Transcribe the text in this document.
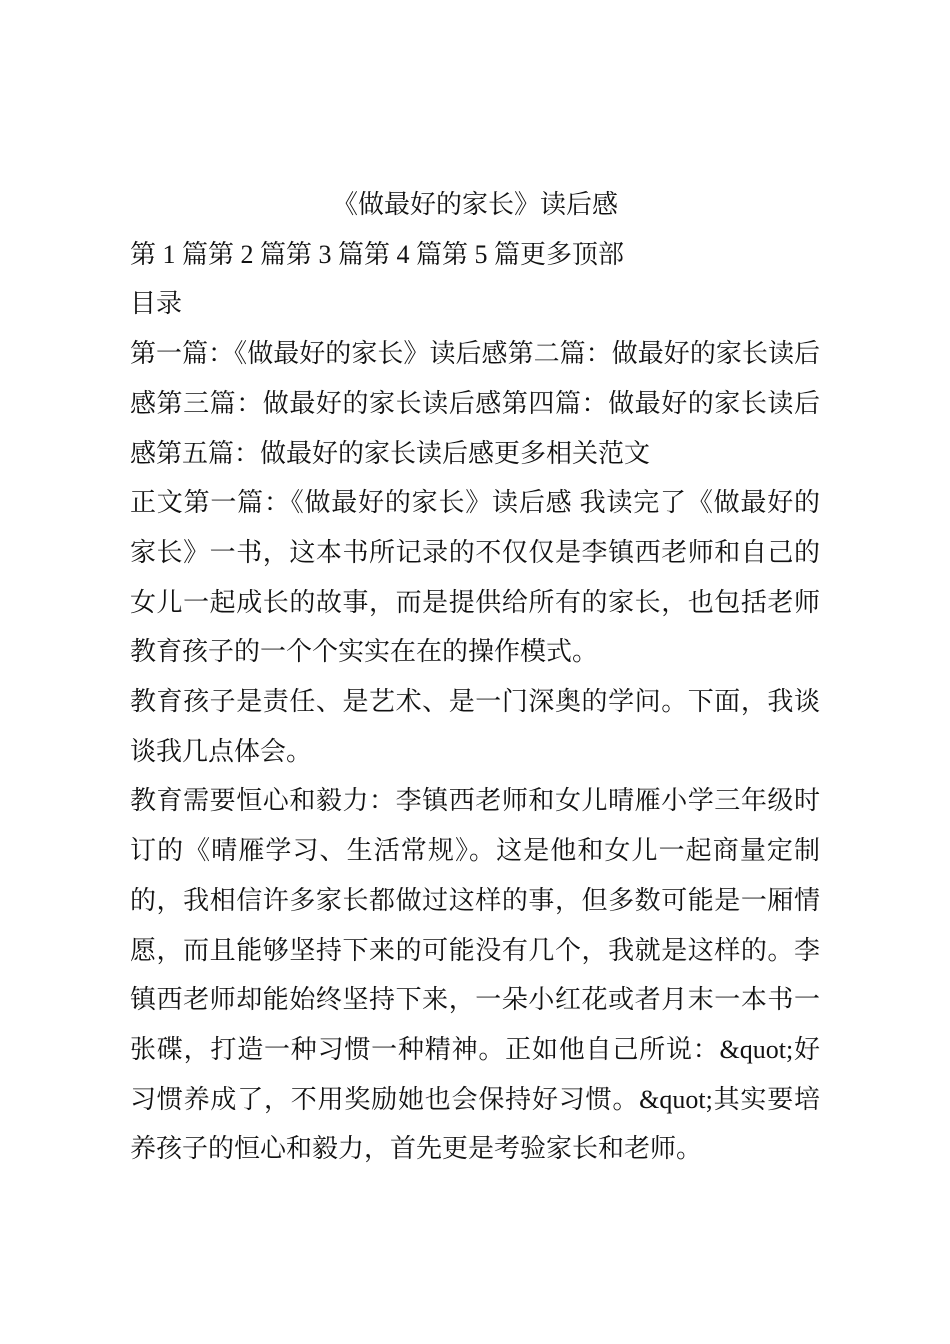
《做最好的家长》读后感

第 1 篇第 2 篇第 3 篇第 4 篇第 5 篇更多顶部

目录

第一篇：《做最好的家长》读后感第二篇：做最好的家长读后感第三篇：做最好的家长读后感第四篇：做最好的家长读后感第五篇：做最好的家长读后感更多相关范文

正文第一篇：《做最好的家长》读后感 我读完了《做最好的家长》一书，这本书所记录的不仅仅是李镇西老师和自己的女儿一起成长的故事，而是提供给所有的家长，也包括老师教育孩子的一个个实实在在的操作模式。

教育孩子是责任、是艺术、是一门深奥的学问。下面，我谈谈我几点体会。

教育需要恒心和毅力：李镇西老师和女儿晴雁小学三年级时订的《晴雁学习、生活常规》。这是他和女儿一起商量定制的，我相信许多家长都做过这样的事，但多数可能是一厢情愿，而且能够坚持下来的可能没有几个，我就是这样的。李镇西老师却能始终坚持下来，一朵小红花或者月末一本书一张碟，打造一种习惯一种精神。正如他自己所说：&quot;好习惯养成了，不用奖励她也会保持好习惯。&quot;其实要培养孩子的恒心和毅力，首先更是考验家长和老师。
